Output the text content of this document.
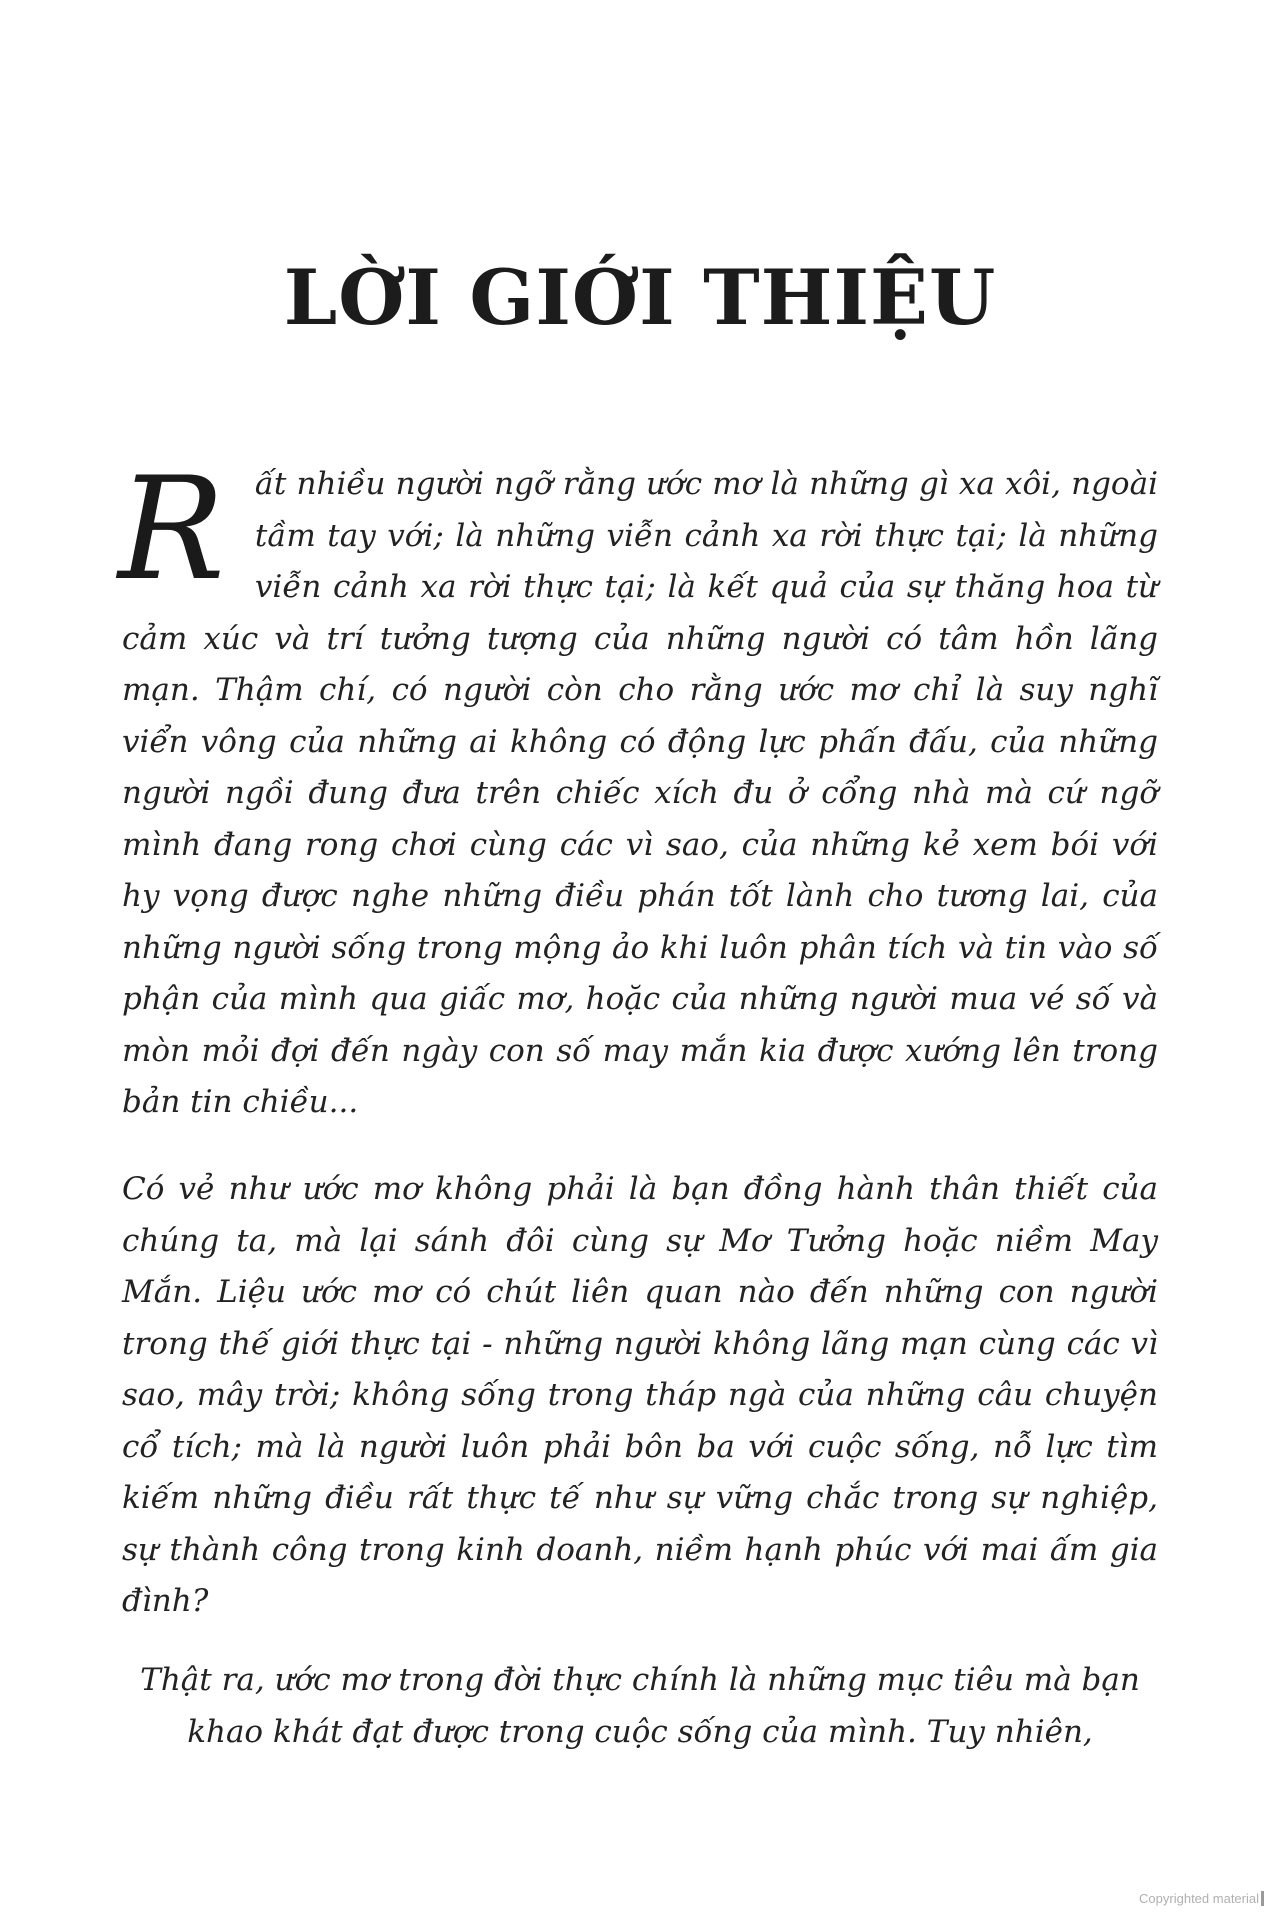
LỜI GIỚI THIỆU

Rất nhiều người ngỡ rằng ước mơ là những gì xa xôi, ngoài tầm tay với; là những viễn cảnh xa rời thực tại; là những viễn cảnh xa rời thực tại; là kết quả của sự thăng hoa từ cảm xúc và trí tưởng tượng của những người có tâm hồn lãng mạn. Thậm chí, có người còn cho rằng ước mơ chỉ là suy nghĩ viển vông của những ai không có động lực phấn đấu, của những người ngồi đung đưa trên chiếc xích đu ở cổng nhà mà cứ ngỡ mình đang rong chơi cùng các vì sao, của những kẻ xem bói với hy vọng được nghe những điều phán tốt lành cho tương lai, của những người sống trong mộng ảo khi luôn phân tích và tin vào số phận của mình qua giấc mơ, hoặc của những người mua vé số và mòn mỏi đợi đến ngày con số may mắn kia được xướng lên trong bản tin chiều...

Có vẻ như ước mơ không phải là bạn đồng hành thân thiết của chúng ta, mà lại sánh đôi cùng sự Mơ Tưởng hoặc niềm May Mắn. Liệu ước mơ có chút liên quan nào đến những con người trong thế giới thực tại - những người không lãng mạn cùng các vì sao, mây trời; không sống trong tháp ngà của những câu chuyện cổ tích; mà là người luôn phải bôn ba với cuộc sống, nỗ lực tìm kiếm những điều rất thực tế như sự vững chắc trong sự nghiệp, sự thành công trong kinh doanh, niềm hạnh phúc với mai ấm gia đình?

Thật ra, ước mơ trong đời thực chính là những mục tiêu mà bạn khao khát đạt được trong cuộc sống của mình. Tuy nhiên,

Copyrighted material
